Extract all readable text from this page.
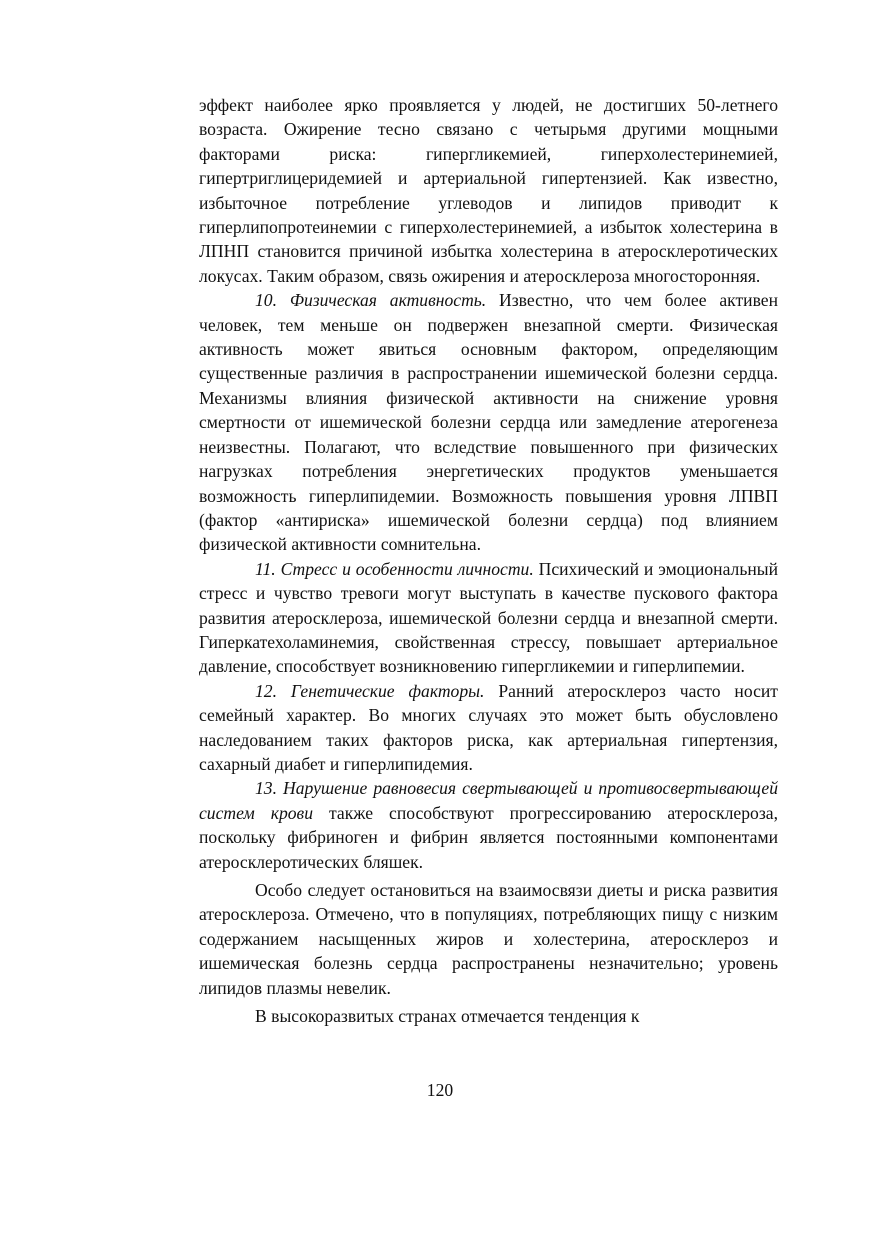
эффект наиболее ярко проявляется у людей, не достигших 50-летнего возраста. Ожирение тесно связано с четырьмя другими мощными факторами риска: гипергликемией, гиперхолестеринемией, гипертриглицеридемией и артериальной гипертензией. Как известно, избыточное потребление углеводов и липидов приводит к гиперлипопротеинемии с гиперхолестеринемией, а избыток холестерина в ЛПНП становится причиной избытка холестерина в атеросклеротических локусах. Таким образом, связь ожирения и атеросклероза многосторонняя.

10. Физическая активность. Известно, что чем более активен человек, тем меньше он подвержен внезапной смерти. Физическая активность может явиться основным фактором, определяющим существенные различия в распространении ишемической болезни сердца. Механизмы влияния физической активности на снижение уровня смертности от ишемической болезни сердца или замедление атерогенеза неизвестны. Полагают, что вследствие повышенного при физических нагрузках потребления энергетических продуктов уменьшается возможность гиперлипидемии. Возможность повышения уровня ЛПВП (фактор «антириска» ишемической болезни сердца) под влиянием физической активности сомнительна.

11. Стресс и особенности личности. Психический и эмоциональный стресс и чувство тревоги могут выступать в качестве пускового фактора развития атеросклероза, ишемической болезни сердца и внезапной смерти. Гиперкатехоламинемия, свойственная стрессу, повышает артериальное давление, способствует возникновению гипергликемии и гиперлипемии.

12. Генетические факторы. Ранний атеросклероз часто носит семейный характер. Во многих случаях это может быть обусловлено наследованием таких факторов риска, как артериальная гипертензия, сахарный диабет и гиперлипидемия.

13. Нарушение равновесия свертывающей и противосвертывающей систем крови также способствуют прогрессированию атеросклероза, поскольку фибриноген и фибрин является постоянными компонентами атеросклеротических бляшек.

Особо следует остановиться на взаимосвязи диеты и риска развития атеросклероза. Отмечено, что в популяциях, потребляющих пищу с низким содержанием насыщенных жиров и холестерина, атеросклероз и ишемическая болезнь сердца распространены незначительно; уровень липидов плазмы невелик.

В высокоразвитых странах отмечается тенденция к

120
